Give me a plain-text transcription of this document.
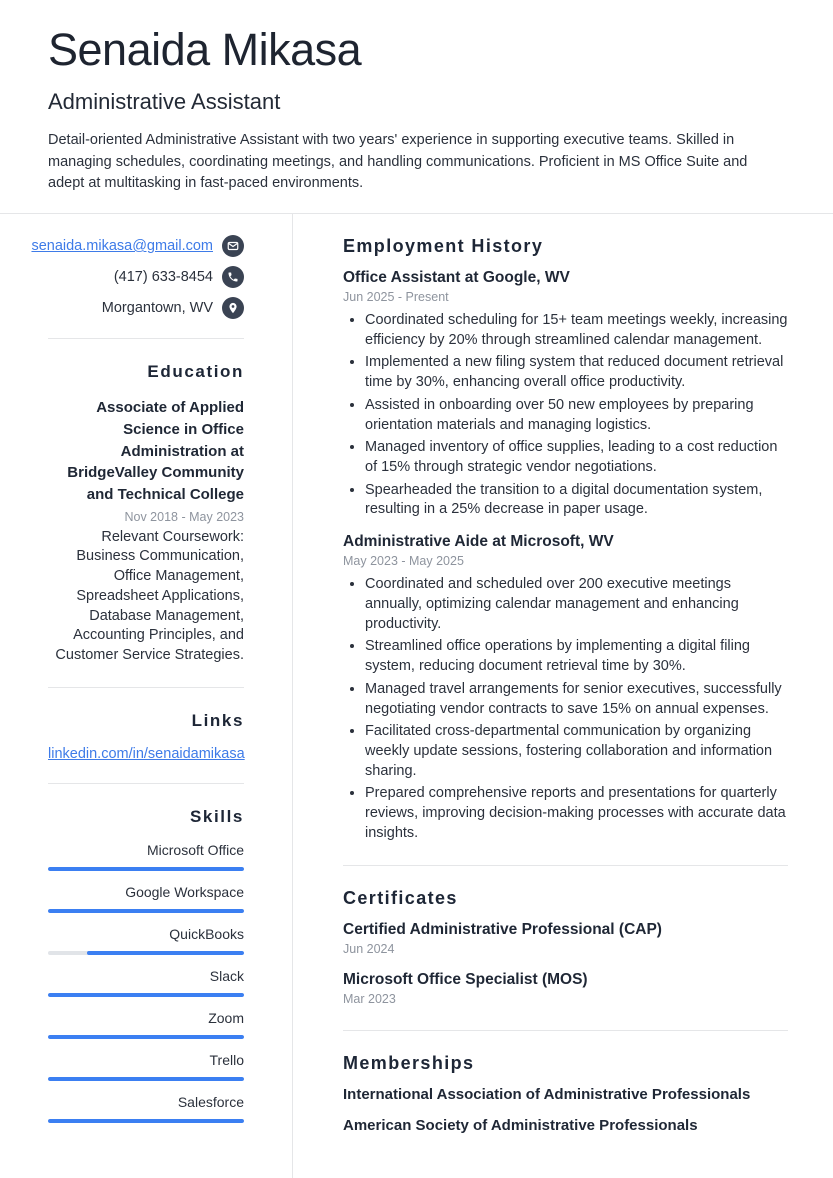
Senaida Mikasa
Administrative Assistant
Detail-oriented Administrative Assistant with two years' experience in supporting executive teams. Skilled in managing schedules, coordinating meetings, and handling communications. Proficient in MS Office Suite and adept at multitasking in fast-paced environments.
senaida.mikasa@gmail.com
(417) 633-8454
Morgantown, WV
Education
Associate of Applied Science in Office Administration at BridgeValley Community and Technical College
Nov 2018 - May 2023
Relevant Coursework: Business Communication, Office Management, Spreadsheet Applications, Database Management, Accounting Principles, and Customer Service Strategies.
Links
linkedin.com/in/senaidamikasa
Skills
Microsoft Office
Google Workspace
QuickBooks
Slack
Zoom
Trello
Salesforce
Employment History
Office Assistant at Google, WV
Jun 2025 - Present
• Coordinated scheduling for 15+ team meetings weekly, increasing efficiency by 20% through streamlined calendar management.
• Implemented a new filing system that reduced document retrieval time by 30%, enhancing overall office productivity.
• Assisted in onboarding over 50 new employees by preparing orientation materials and managing logistics.
• Managed inventory of office supplies, leading to a cost reduction of 15% through strategic vendor negotiations.
• Spearheaded the transition to a digital documentation system, resulting in a 25% decrease in paper usage.
Administrative Aide at Microsoft, WV
May 2023 - May 2025
• Coordinated and scheduled over 200 executive meetings annually, optimizing calendar management and enhancing productivity.
• Streamlined office operations by implementing a digital filing system, reducing document retrieval time by 30%.
• Managed travel arrangements for senior executives, successfully negotiating vendor contracts to save 15% on annual expenses.
• Facilitated cross-departmental communication by organizing weekly update sessions, fostering collaboration and information sharing.
• Prepared comprehensive reports and presentations for quarterly reviews, improving decision-making processes with accurate data insights.
Certificates
Certified Administrative Professional (CAP)
Jun 2024
Microsoft Office Specialist (MOS)
Mar 2023
Memberships
International Association of Administrative Professionals
American Society of Administrative Professionals
